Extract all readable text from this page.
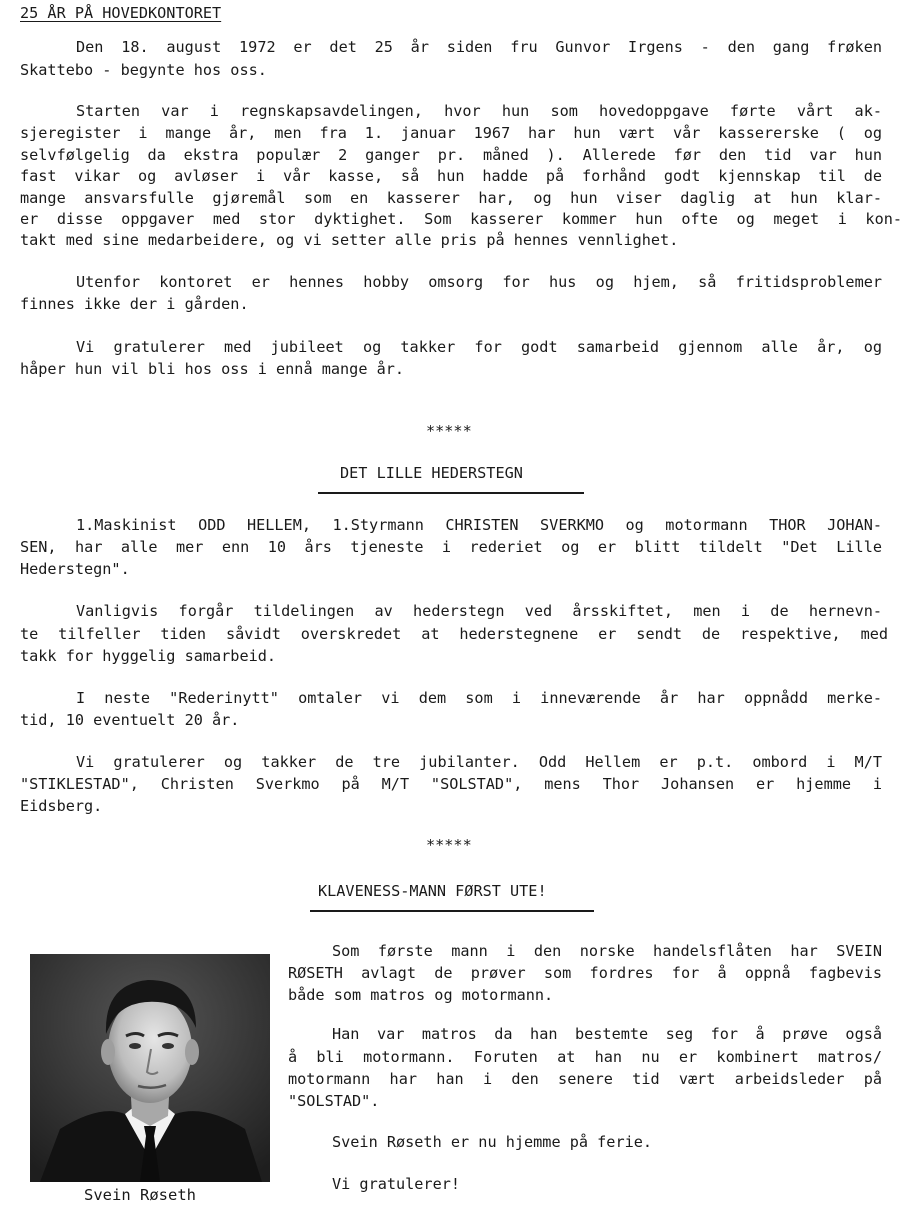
25 ÅR PÅ HOVEDKONTORET
Den 18. august 1972 er det 25 år siden fru Gunvor Irgens - den gang frøken
Skattebo - begynte hos oss.
Starten var i regnskapsavdelingen, hvor hun som hovedoppgave førte vårt ak-
sjeregister i mange år, men fra 1. januar 1967 har hun vært vår kassererske ( og
selvfølgelig da ekstra populær 2 ganger pr. måned ). Allerede før den tid var hun
fast vikar og avløser i vår kasse, så hun hadde på forhånd godt kjennskap til de
mange ansvarsfulle gjøremål som en kasserer har, og hun viser daglig at hun klar-
er disse oppgaver med stor dyktighet. Som kasserer kommer hun ofte og meget i kon-
takt med sine medarbeidere, og vi setter alle pris på hennes vennlighet.
Utenfor kontoret er hennes hobby omsorg for hus og hjem, så fritidsproblemer
finnes ikke der i gården.
Vi gratulerer med jubileet og takker for godt samarbeid gjennom alle år, og
håper hun vil bli hos oss i ennå mange år.
*****
DET LILLE HEDERSTEGN
1.Maskinist ODD HELLEM, 1.Styrmann CHRISTEN SVERKMO og motormann THOR JOHAN-
SEN, har alle mer enn 10 års tjeneste i rederiet og er blitt tildelt "Det Lille
Hederstegn".
Vanligvis forgår tildelingen av hederstegn ved årsskiftet, men i de hernevn-
te tilfeller tiden såvidt overskredet at hederstegnene er sendt de respektive, med
takk for hyggelig samarbeid.
I neste "Rederinytt" omtaler vi dem som i inneværende år har oppnådd merke-
tid, 10 eventuelt 20 år.
Vi gratulerer og takker de tre jubilanter. Odd Hellem er p.t. ombord i M/T
"STIKLESTAD", Christen Sverkmo på M/T "SOLSTAD", mens Thor Johansen er hjemme i
Eidsberg.
*****
KLAVENESS-MANN FØRST UTE!
Svein Røseth
Som første mann i den norske handelsflåten har SVEIN
RØSETH avlagt de prøver som fordres for å oppnå fagbevis
både som matros og motormann.
Han var matros da han bestemte seg for å prøve også
å bli motormann. Foruten at han nu er kombinert matros/
motormann har han i den senere tid vært arbeidsleder på
"SOLSTAD".
Svein Røseth er nu hjemme på ferie.
Vi gratulerer!
